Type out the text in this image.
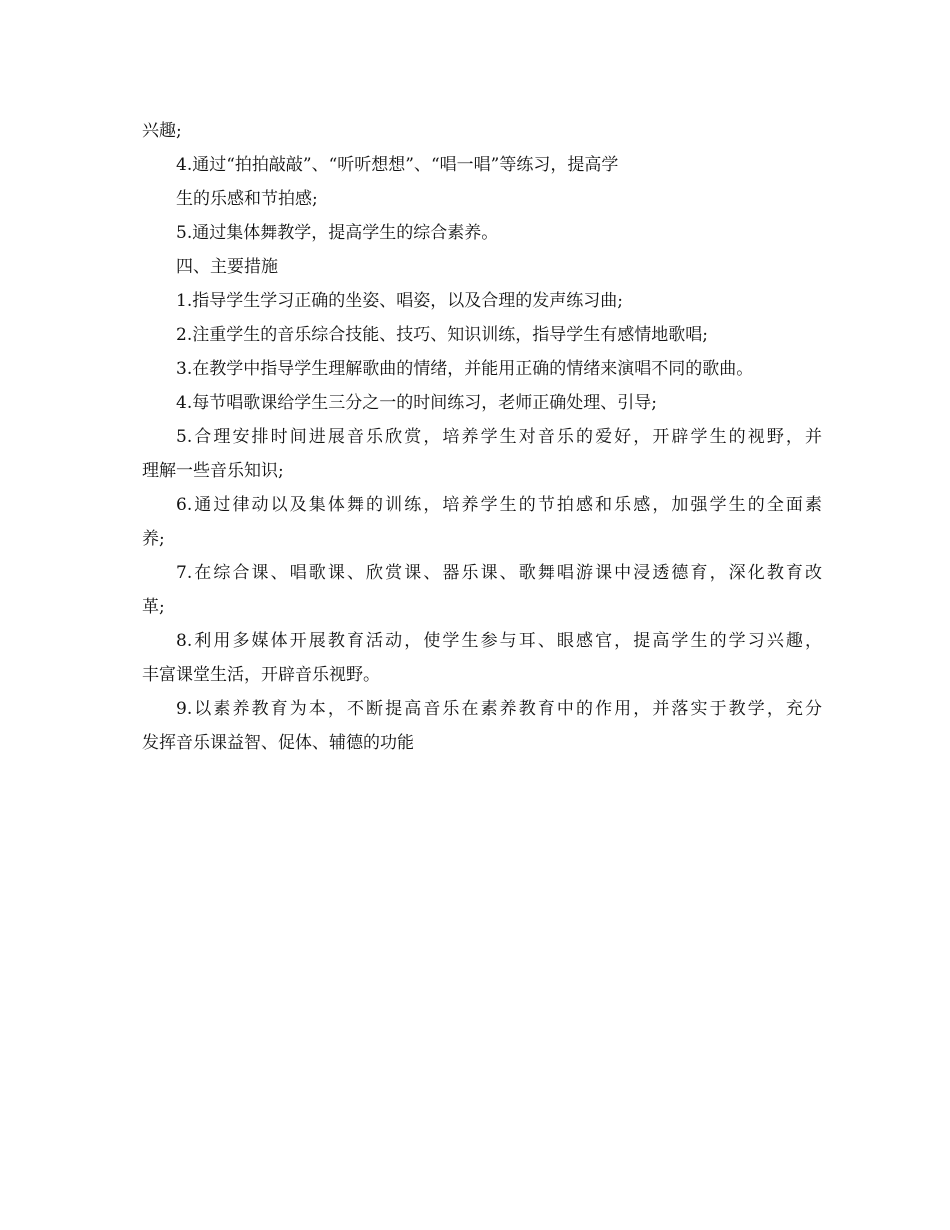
兴趣;

4.通过“拍拍敲敲”、“听听想想”、“唱一唱”等练习，提高学

生的乐感和节拍感;

5.通过集体舞教学，提高学生的综合素养。

四、主要措施

1.指导学生学习正确的坐姿、唱姿，以及合理的发声练习曲;

2.注重学生的音乐综合技能、技巧、知识训练，指导学生有感情地歌唱;

3.在教学中指导学生理解歌曲的情绪，并能用正确的情绪来演唱不同的歌曲。

4.每节唱歌课给学生三分之一的时间练习，老师正确处理、引导;

5.合理安排时间进展音乐欣赏，培养学生对音乐的爱好，开辟学生的视野，并

理解一些音乐知识;

6.通过律动以及集体舞的训练，培养学生的节拍感和乐感，加强学生的全面素

养;

7.在综合课、唱歌课、欣赏课、器乐课、歌舞唱游课中浸透德育，深化教育改

革;

8.利用多媒体开展教育活动，使学生参与耳、眼感官，提高学生的学习兴趣，

丰富课堂生活，开辟音乐视野。

9.以素养教育为本，不断提高音乐在素养教育中的作用，并落实于教学，充分

发挥音乐课益智、促体、辅德的功能
